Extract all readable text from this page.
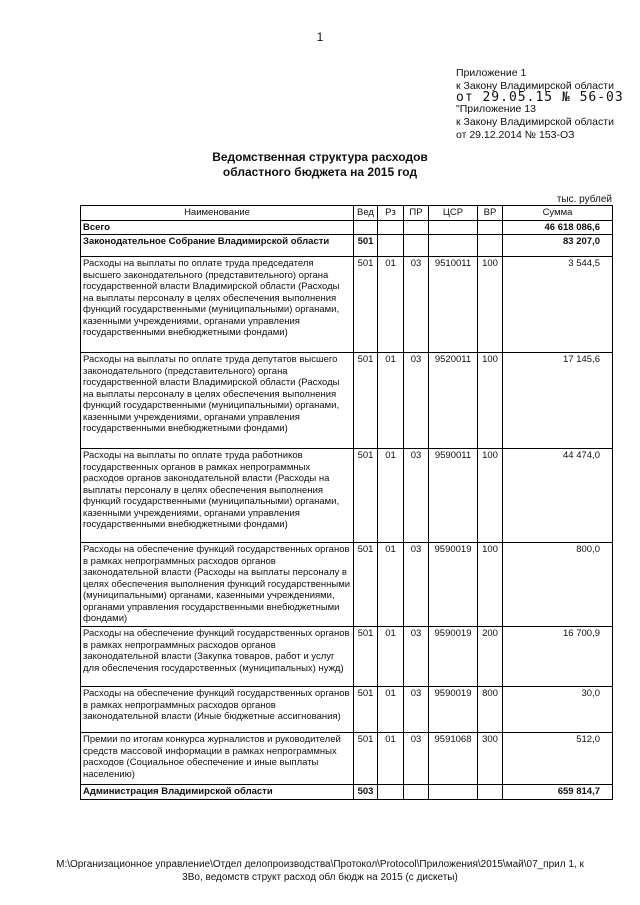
1
Приложение 1
к Закону Владимирской области
от 29.05.15 № 56-03
"Приложение 13
к Закону Владимирской области
от 29.12.2014 № 153-ОЗ
Ведомственная структура расходов
областного бюджета на 2015 год
тыс. рублей
Наименование	Вед	Рз	ПР	ЦСР	ВР	Сумма
Всего						46 618 086,6
Законодательное Собрание Владимирской области	501					83 207,0
Расходы на выплаты по оплате труда председателя высшего законодательного (представительного) органа государственной власти Владимирской области (Расходы на выплаты персоналу в целях обеспечения выполнения функций государственными (муниципальными) органами, казенными учреждениями, органами управления государственными внебюджетными фондами)	501	01	03	9510011	100	3 544,5
Расходы на выплаты по оплате труда депутатов высшего законодательного (представительного) органа государственной власти Владимирской области (Расходы на выплаты персоналу в целях обеспечения выполнения функций государственными (муниципальными) органами, казенными учреждениями, органами управления государственными внебюджетными фондами)	501	01	03	9520011	100	17 145,6
Расходы на выплаты по оплате труда работников государственных органов в рамках непрограммных расходов органов законодательной власти (Расходы на выплаты персоналу в целях обеспечения выполнения функций государственными (муниципальными) органами, казенными учреждениями, органами управления государственными внебюджетными фондами)	501	01	03	9590011	100	44 474,0
Расходы на обеспечение функций государственных органов в рамках непрограммных расходов органов законодательной власти (Расходы на выплаты персоналу в целях обеспечения выполнения функций государственными (муниципальными) органами, казенными учреждениями, органами управления государственными внебюджетными фондами)	501	01	03	9590019	100	800,0
Расходы на обеспечение функций государственных органов в рамках непрограммных расходов органов законодательной власти (Закупка товаров, работ и услуг для обеспечения государственных (муниципальных) нужд)	501	01	03	9590019	200	16 700,9
Расходы на обеспечение функций государственных органов в рамках непрограммных расходов органов законодательной власти (Иные бюджетные ассигнования)	501	01	03	9590019	800	30,0
Премии по итогам конкурса журналистов и руководителей средств массовой информации в рамках непрограммных расходов (Социальное обеспечение и иные выплаты населению)	501	01	03	9591068	300	512,0
Администрация Владимирской области	503					659 814,7
M:\Организационное управление\Отдел делопроизводства\Протокол\Protocol\Приложения\2015\май\07_прил 1, к
3Во, ведомств структ расход обл бюдж на 2015 (с дискеты)
